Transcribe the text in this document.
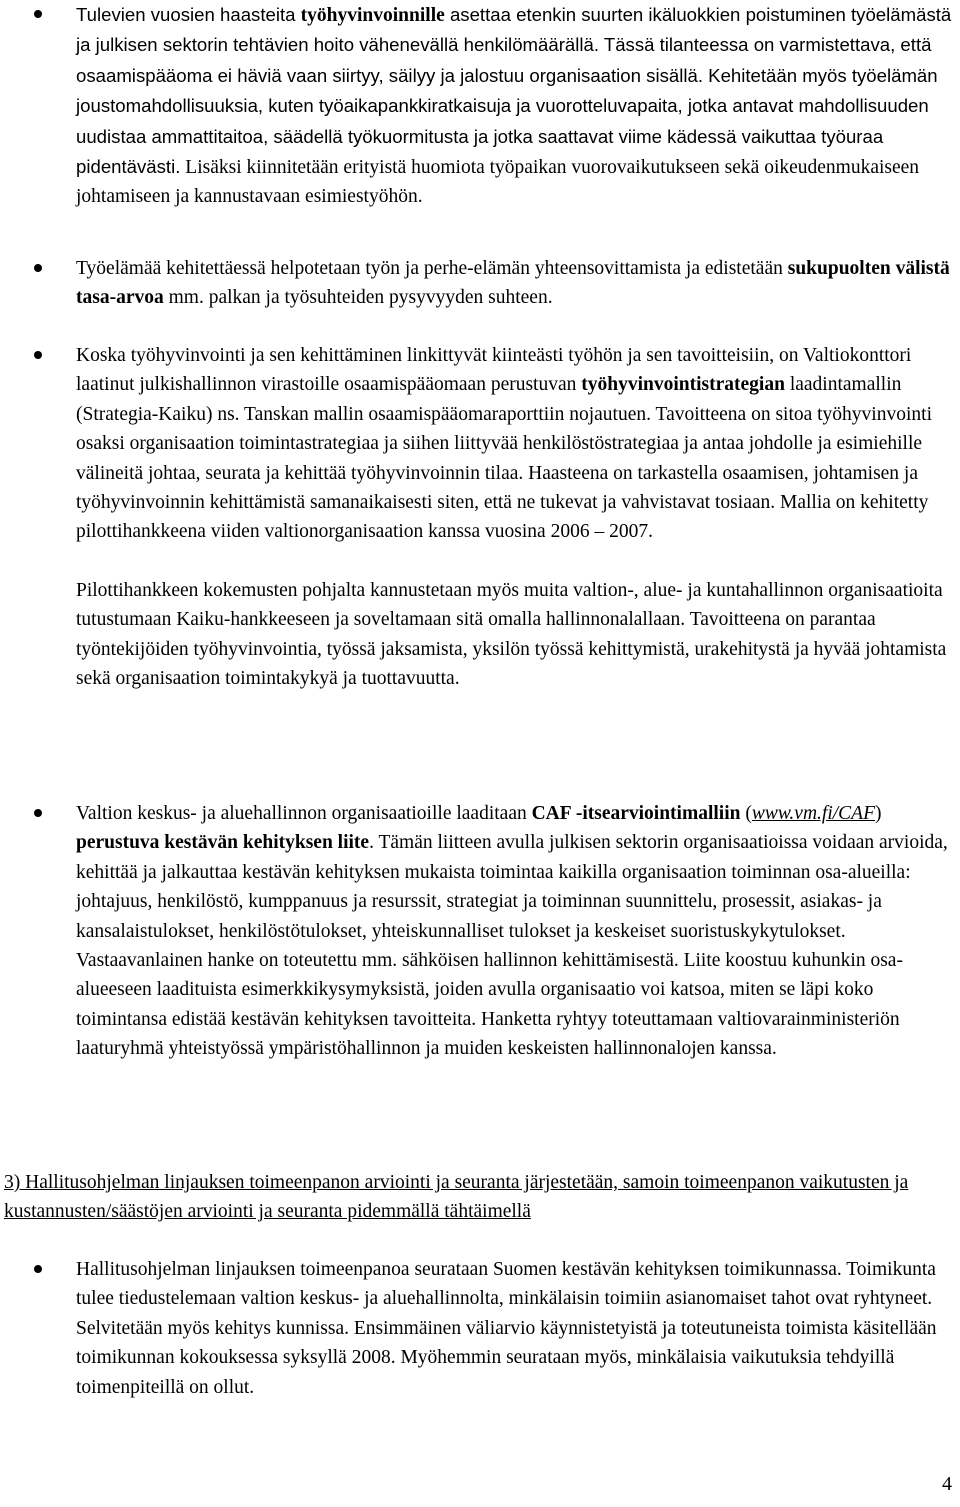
Tulevien vuosien haasteita työhyvinvoinnille asettaa etenkin suurten ikäluokkien poistuminen työelämästä ja julkisen sektorin tehtävien hoito vähenevällä henkilömäärällä. Tässä tilanteessa on varmistettava, että osaamispääoma ei häviä vaan siirtyy, säilyy ja jalostuu organisaation sisällä. Kehitetään myös työelämän joustomahdollisuuksia, kuten työaikapankkiratkaisuja ja vuorotteluvapaita, jotka antavat mahdollisuuden uudistaa ammattitaitoa, säädellä työkuormitusta ja jotka saattavat viime kädessä vaikuttaa työuraa pidentävästi. Lisäksi kiinnitetään erityistä huomiota työpaikan vuorovaikutukseen sekä oikeudenmukaiseen johtamiseen ja kannustavaan esimiestyöhön.

Työelämää kehitettäessä helpotetaan työn ja perhe-elämän yhteensovittamista ja edistetään sukupuolten välistä tasa-arvoa mm. palkan ja työsuhteiden pysyvyyden suhteen.

Koska työhyvinvointi ja sen kehittäminen linkittyvät kiinteästi työhön ja sen tavoitteisiin, on Valtiokonttori laatinut julkishallinnon virastoille osaamispääomaan perustuvan työhyvinvointistrategian laadintamallin (Strategia-Kaiku) ns. Tanskan mallin osaamispääomaraporttiin nojautuen. Tavoitteena on sitoa työhyvinvointi osaksi organisaation toimintastrategiaa ja siihen liittyvää henkilöstöstrategiaa ja antaa johdolle ja esimiehille välineitä johtaa, seurata ja kehittää työhyvinvoinnin tilaa. Haasteena on tarkastella osaamisen, johtamisen ja työhyvinvoinnin kehittämistä samanaikaisesti siten, että ne tukevat ja vahvistavat tosiaan. Mallia on kehitetty pilottihankkeena viiden valtionorganisaation kanssa vuosina 2006 – 2007.

Pilottihankkeen kokemusten pohjalta kannustetaan myös muita valtion-, alue- ja kuntahallinnon organisaatioita tutustumaan Kaiku-hankkeeseen ja soveltamaan sitä omalla hallinnonalallaan. Tavoitteena on parantaa työntekijöiden työhyvinvointia, työssä jaksamista, yksilön työssä kehittymistä, urakehitystä ja hyvää johtamista sekä organisaation toimintakykyä ja tuottavuutta.

Valtion keskus- ja aluehallinnon organisaatioille laaditaan CAF -itsearviointimalliin (www.vm.fi/CAF) perustuva kestävän kehityksen liite. Tämän liitteen avulla julkisen sektorin organisaatioissa voidaan arvioida, kehittää ja jalkauttaa kestävän kehityksen mukaista toimintaa kaikilla organisaation toiminnan osa-alueilla: johtajuus, henkilöstö, kumppanuus ja resurssit, strategiat ja toiminnan suunnittelu, prosessit, asiakas- ja kansalaistulokset, henkilöstötulokset, yhteiskunnalliset tulokset ja keskeiset suoristuskykytulokset. Vastaavanlainen hanke on toteutettu mm. sähköisen hallinnon kehittämisestä. Liite koostuu kuhunkin osa-alueeseen laadituista esimerkkikysymyksistä, joiden avulla organisaatio voi katsoa, miten se läpi koko toimintansa edistää kestävän kehityksen tavoitteita. Hanketta ryhtyy toteuttamaan valtiovarainministeriön laaturyhmä yhteistyössä ympäristöhallinnon ja muiden keskeisten hallinnonalojen kanssa.

3) Hallitusohjelman linjauksen toimeenpanon arviointi ja seuranta järjestetään, samoin toimeenpanon vaikutusten ja kustannusten/säästöjen arviointi ja seuranta pidemmällä tähtäimellä

Hallitusohjelman linjauksen toimeenpanoa seurataan Suomen kestävän kehityksen toimikunnassa. Toimikunta tulee tiedustelemaan valtion keskus- ja aluehallinnolta, minkälaisin toimiin asianomaiset tahot ovat ryhtyneet. Selvitetään myös kehitys kunnissa. Ensimmäinen väliarvio käynnistetyistä ja toteutuneista toimista käsitellään toimikunnan kokouksessa syksyllä 2008. Myöhemmin seurataan myös, minkälaisia vaikutuksia tehdyillä toimenpiteillä on ollut.

4
